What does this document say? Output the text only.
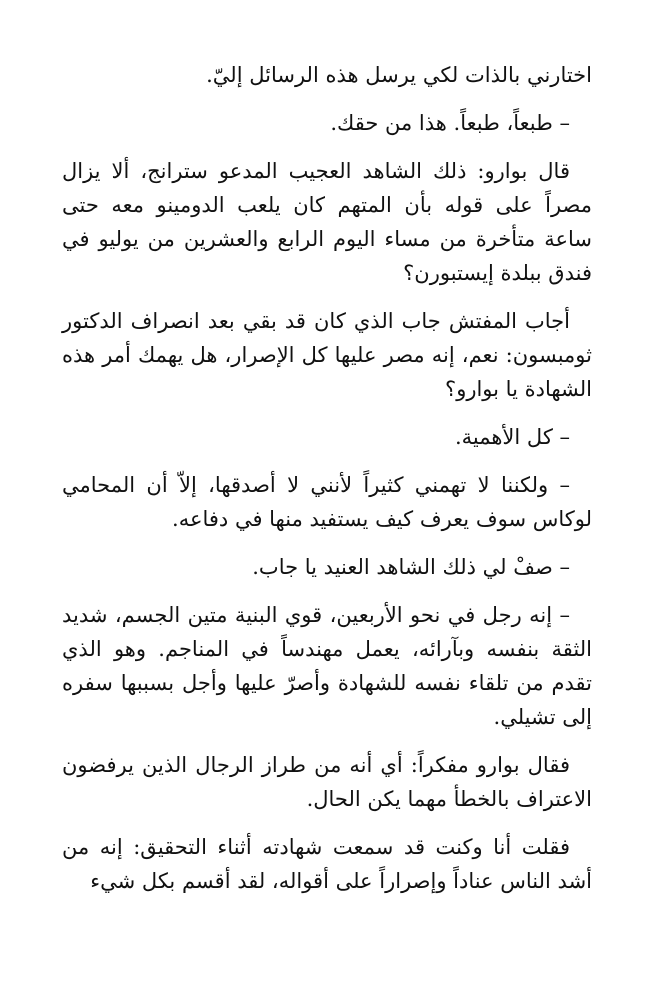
اختارني بالذات لكي يرسل هذه الرسائل إليّ.

– طبعاً، طبعاً. هذا من حقك.

قال بوارو: ذلك الشاهد العجيب المدعو سترانج، ألا يزال مصراً على قوله بأن المتهم كان يلعب الدومينو معه حتى ساعة متأخرة من مساء اليوم الرابع والعشرين من يوليو في فندق ببلدة إيستبورن؟

أجاب المفتش جاب الذي كان قد بقي بعد انصراف الدكتور ثومبسون: نعم، إنه مصر عليها كل الإصرار، هل يهمك أمر هذه الشهادة يا بوارو؟

– كل الأهمية.

– ولكننا لا تهمني كثيراً لأنني لا أصدقها، إلاّ أن المحامي لوكاس سوف يعرف كيف يستفيد منها في دفاعه.

– صفْ لي ذلك الشاهد العنيد يا جاب.

– إنه رجل في نحو الأربعين، قوي البنية متين الجسم، شديد الثقة بنفسه وبآرائه، يعمل مهندساً في المناجم. وهو الذي تقدم من تلقاء نفسه للشهادة وأصرّ عليها وأجل بسببها سفره إلى تشيلي.

فقال بوارو مفكراً: أي أنه من طراز الرجال الذين يرفضون الاعتراف بالخطأ مهما يكن الحال.

فقلت أنا وكنت قد سمعت شهادته أثناء التحقيق: إنه من أشد الناس عناداً وإصراراً على أقواله، لقد أقسم بكل شيء
